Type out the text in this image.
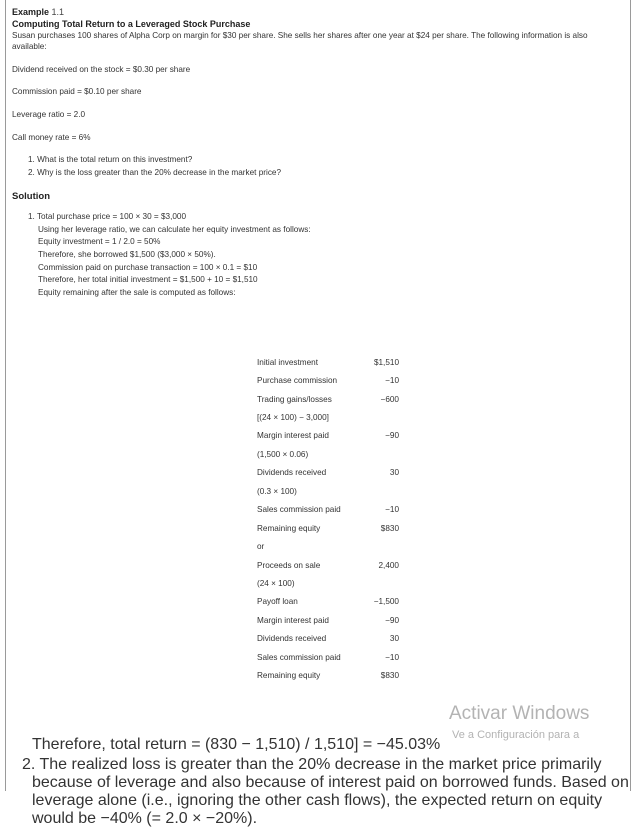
Example 1.1
Computing Total Return to a Leveraged Stock Purchase
Susan purchases 100 shares of Alpha Corp on margin for $30 per share. She sells her shares after one year at $24 per share. The following information is also available:
Dividend received on the stock = $0.30 per share
Commission paid = $0.10 per share
Leverage ratio = 2.0
Call money rate = 6%
1. What is the total return on this investment?
2. Why is the loss greater than the 20% decrease in the market price?
Solution
1. Total purchase price = 100 × 30 = $3,000
Using her leverage ratio, we can calculate her equity investment as follows:
Equity investment = 1 / 2.0 = 50%
Therefore, she borrowed $1,500 ($3,000 × 50%).
Commission paid on purchase transaction = 100 × 0.1 = $10
Therefore, her total initial investment = $1,500 + 10 = $1,510
Equity remaining after the sale is computed as follows:
Initial investment	$1,510
Purchase commission	−10
Trading gains/losses	−600
[(24 × 100) − 3,000]	
Margin interest paid	−90
(1,500 × 0.06)	
Dividends received	30
(0.3 × 100)	
Sales commission paid	−10
Remaining equity	$830
or	
Proceeds on sale	2,400
(24 × 100)	
Payoff loan	−1,500
Margin interest paid	−90
Dividends received	30
Sales commission paid	−10
Remaining equity	$830
Therefore, total return = (830 − 1,510) / 1,510] = −45.03%
2. The realized loss is greater than the 20% decrease in the market price primarily because of leverage and also because of interest paid on borrowed funds. Based on leverage alone (i.e., ignoring the other cash flows), the expected return on equity would be −40% (= 2.0 × −20%).
Activar Windows
Ve a Configuración para a
